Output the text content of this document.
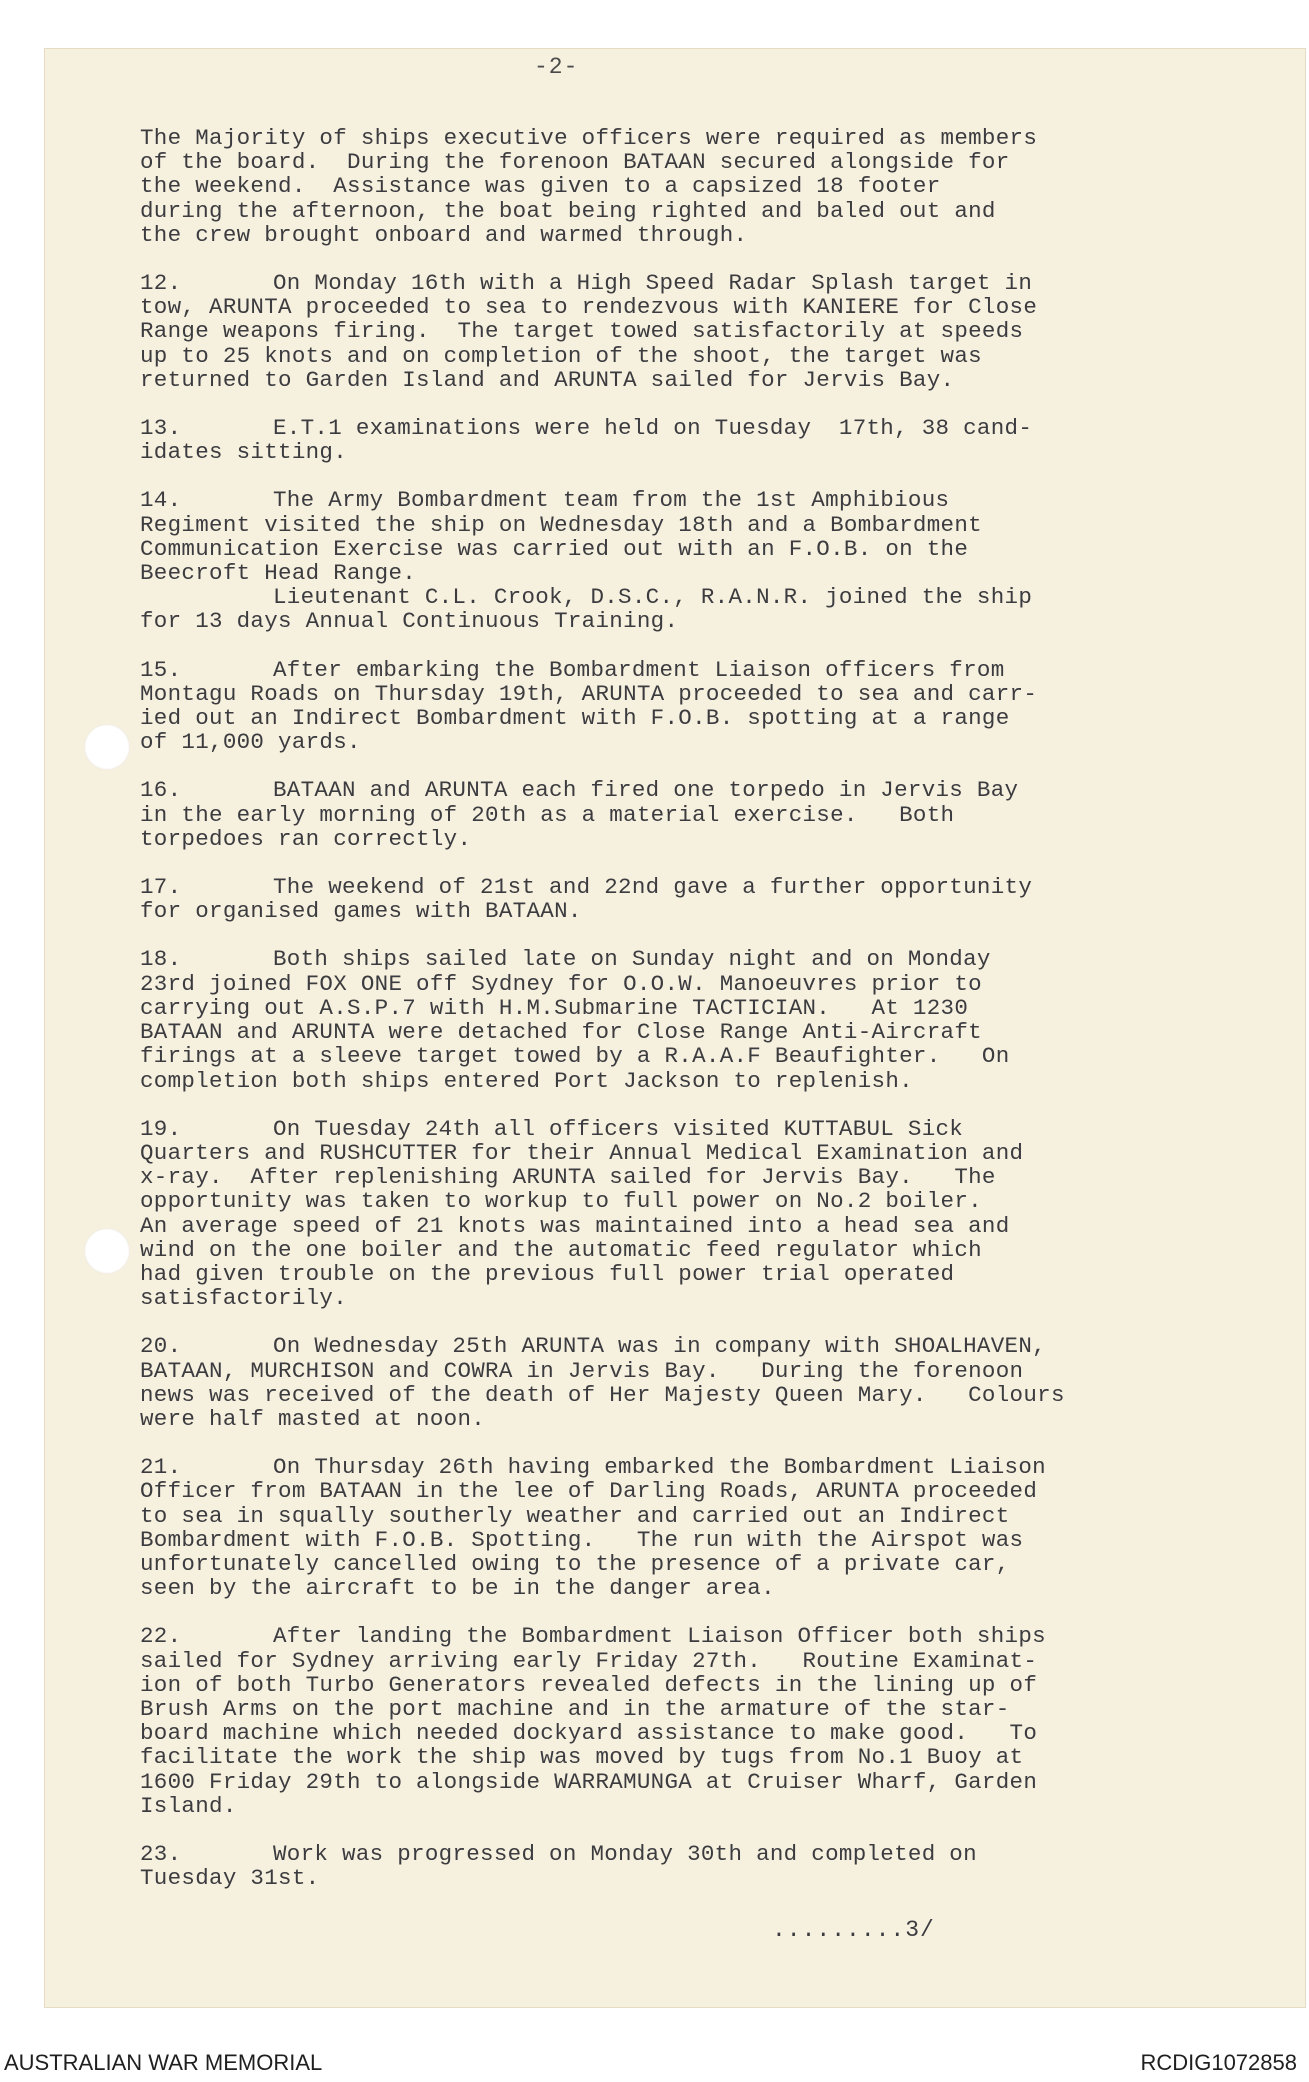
-2-
The Majority of ships executive officers were required as members
of the board.  During the forenoon BATAAN secured alongside for
the weekend.  Assistance was given to a capsized 18 footer
during the afternoon, the boat being righted and baled out and
the crew brought onboard and warmed through.
12.	On Monday 16th with a High Speed Radar Splash target in
tow, ARUNTA proceeded to sea to rendezvous with KANIERE for Close
Range weapons firing.  The target towed satisfactorily at speeds
up to 25 knots and on completion of the shoot, the target was
returned to Garden Island and ARUNTA sailed for Jervis Bay.
13.	E.T.1 examinations were held on Tuesday  17th, 38 cand-
idates sitting.
14.	The Army Bombardment team from the 1st Amphibious
Regiment visited the ship on Wednesday 18th and a Bombardment
Communication Exercise was carried out with an F.O.B. on the
Beecroft Head Range.
Lieutenant C.L. Crook, D.S.C., R.A.N.R. joined the ship
for 13 days Annual Continuous Training.
15.	After embarking the Bombardment Liaison officers from
Montagu Roads on Thursday 19th, ARUNTA proceeded to sea and carr-
ied out an Indirect Bombardment with F.O.B. spotting at a range
of 11,000 yards.
16.	BATAAN and ARUNTA each fired one torpedo in Jervis Bay
in the early morning of 20th as a material exercise.   Both
torpedoes ran correctly.
17.	The weekend of 21st and 22nd gave a further opportunity
for organised games with BATAAN.
18.	Both ships sailed late on Sunday night and on Monday
23rd joined FOX ONE off Sydney for O.O.W. Manoeuvres prior to
carrying out A.S.P.7 with H.M.Submarine TACTICIAN.   At 1230
BATAAN and ARUNTA were detached for Close Range Anti-Aircraft
firings at a sleeve target towed by a R.A.A.F Beaufighter.   On
completion both ships entered Port Jackson to replenish.
19.	On Tuesday 24th all officers visited KUTTABUL Sick
Quarters and RUSHCUTTER for their Annual Medical Examination and
x-ray.  After replenishing ARUNTA sailed for Jervis Bay.   The
opportunity was taken to workup to full power on No.2 boiler.
An average speed of 21 knots was maintained into a head sea and
wind on the one boiler and the automatic feed regulator which
had given trouble on the previous full power trial operated
satisfactorily.
20.	On Wednesday 25th ARUNTA was in company with SHOALHAVEN,
BATAAN, MURCHISON and COWRA in Jervis Bay.   During the forenoon
news was received of the death of Her Majesty Queen Mary.   Colours
were half masted at noon.
21.	On Thursday 26th having embarked the Bombardment Liaison
Officer from BATAAN in the lee of Darling Roads, ARUNTA proceeded
to sea in squally southerly weather and carried out an Indirect
Bombardment with F.O.B. Spotting.   The run with the Airspot was
unfortunately cancelled owing to the presence of a private car,
seen by the aircraft to be in the danger area.
22.	After landing the Bombardment Liaison Officer both ships
sailed for Sydney arriving early Friday 27th.   Routine Examinat-
ion of both Turbo Generators revealed defects in the lining up of
Brush Arms on the port machine and in the armature of the star-
board machine which needed dockyard assistance to make good.   To
facilitate the work the ship was moved by tugs from No.1 Buoy at
1600 Friday 29th to alongside WARRAMUNGA at Cruiser Wharf, Garden
Island.
23.	Work was progressed on Monday 30th and completed on
Tuesday 31st.
.........3/
AUSTRALIAN WAR MEMORIAL	RCDIG1072858
